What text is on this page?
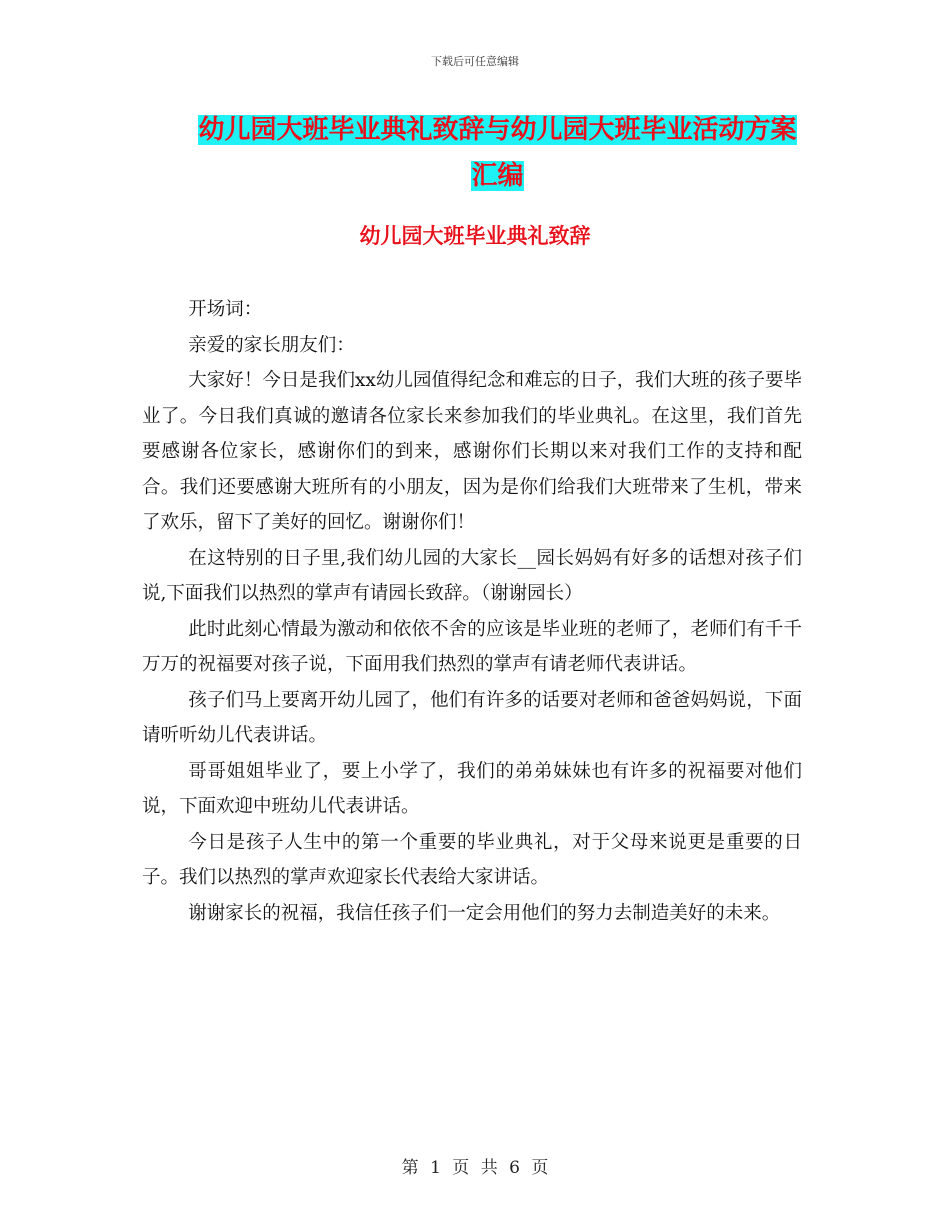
下载后可任意编辑
幼儿园大班毕业典礼致辞与幼儿园大班毕业活动方案汇编
幼儿园大班毕业典礼致辞

开场词：

亲爱的家长朋友们：

大家好！今日是我们xx幼儿园值得纪念和难忘的日子，我们大班的孩子要毕业了。今日我们真诚的邀请各位家长来参加我们的毕业典礼。在这里，我们首先要感谢各位家长，感谢你们的到来，感谢你们长期以来对我们工作的支持和配合。我们还要感谢大班所有的小朋友，因为是你们给我们大班带来了生机，带来了欢乐，留下了美好的回忆。谢谢你们！

在这特别的日子里,我们幼儿园的大家长__园长妈妈有好多的话想对孩子们说,下面我们以热烈的掌声有请园长致辞。（谢谢园长）

此时此刻心情最为激动和依依不舍的应该是毕业班的老师了，老师们有千千万万的祝福要对孩子说，下面用我们热烈的掌声有请老师代表讲话。

孩子们马上要离开幼儿园了，他们有许多的话要对老师和爸爸妈妈说，下面请听听幼儿代表讲话。

哥哥姐姐毕业了，要上小学了，我们的弟弟妹妹也有许多的祝福要对他们说，下面欢迎中班幼儿代表讲话。

今日是孩子人生中的第一个重要的毕业典礼，对于父母来说更是重要的日子。我们以热烈的掌声欢迎家长代表给大家讲话。

谢谢家长的祝福，我信任孩子们一定会用他们的努力去制造美好的未来。

第 1 页 共 6 页
